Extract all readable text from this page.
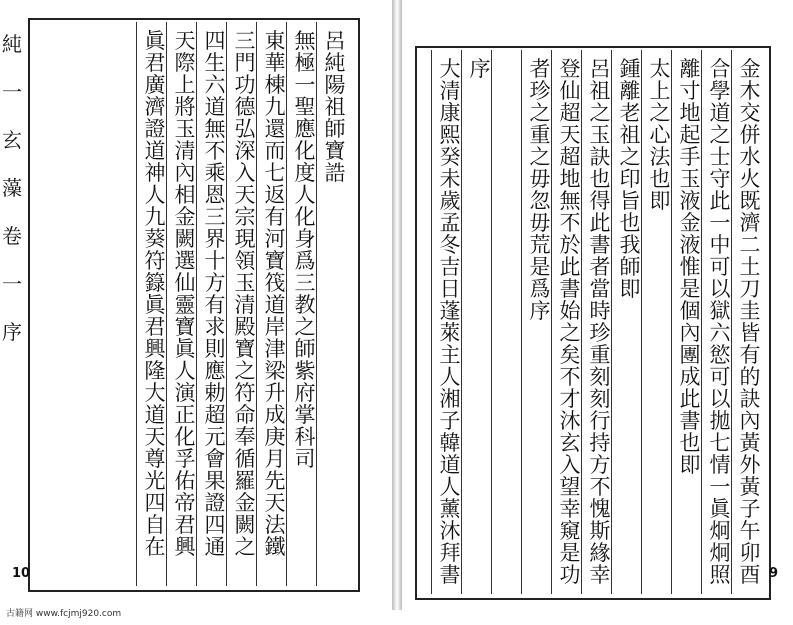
純
一
玄
藻
卷
一
序
呂
純
陽
祖
師
寶
誥
無
極
一
聖
應
化
度
人
化
身
爲
三
教
之
師
紫
府
掌
科
司
東
華
棟
九
還
而
七
返
有
河
寶
筏
道
岸
津
梁
升
成
庚
月
先
天
法
鐵
三
門
功
德
弘
深
入
天
宗
現
領
玉
清
殿
寶
之
符
命
奉
循
羅
金
闕
之
四
生
六
道
無
不
乘
恩
三
界
十
方
有
求
則
應
勅
超
元
會
果
證
四
通
天
際
上
將
玉
清
內
相
金
闕
選
仙
靈
寶
眞
人
演
正
化
孚
佑
帝
君
興
眞
君
廣
濟
證
道
神
人
九
葵
符
籙
眞
君
興
隆
大
道
天
尊
光
四
自
在
10
金
木
交
併
水
火
既
濟
二
土
刀
圭
皆
有
的
訣
內
黃
外
黃
子
午
卯
酉
合
學
道
之
士
守
此
一
中
可
以
獄
六
慾
可
以
拋
七
情
一
眞
炯
炯
照
離
寸
地
起
手
玉
液
金
液
惟
是
個
內
團
成
此
書
也
即
太
上
之
心
法
也
即
鍾
離
老
祖
之
印
旨
也
我
師
即
呂
祖
之
玉
訣
也
得
此
書
者
當
時
珍
重
刻
刻
行
持
方
不
愧
斯
緣
幸
登
仙
超
天
超
地
無
不
於
此
書
始
之
矣
不
才
沐
玄
入
望
幸
窺
是
功
者
珍
之
重
之
毋
忽
毋
荒
是
爲
序
序
大
清
康
熙
癸
未
歲
孟
冬
吉
日
蓬
萊
主
人
湘
子
韓
道
人
薰
沐
拜
書	9
古籍网 www.fcjmj920.com
